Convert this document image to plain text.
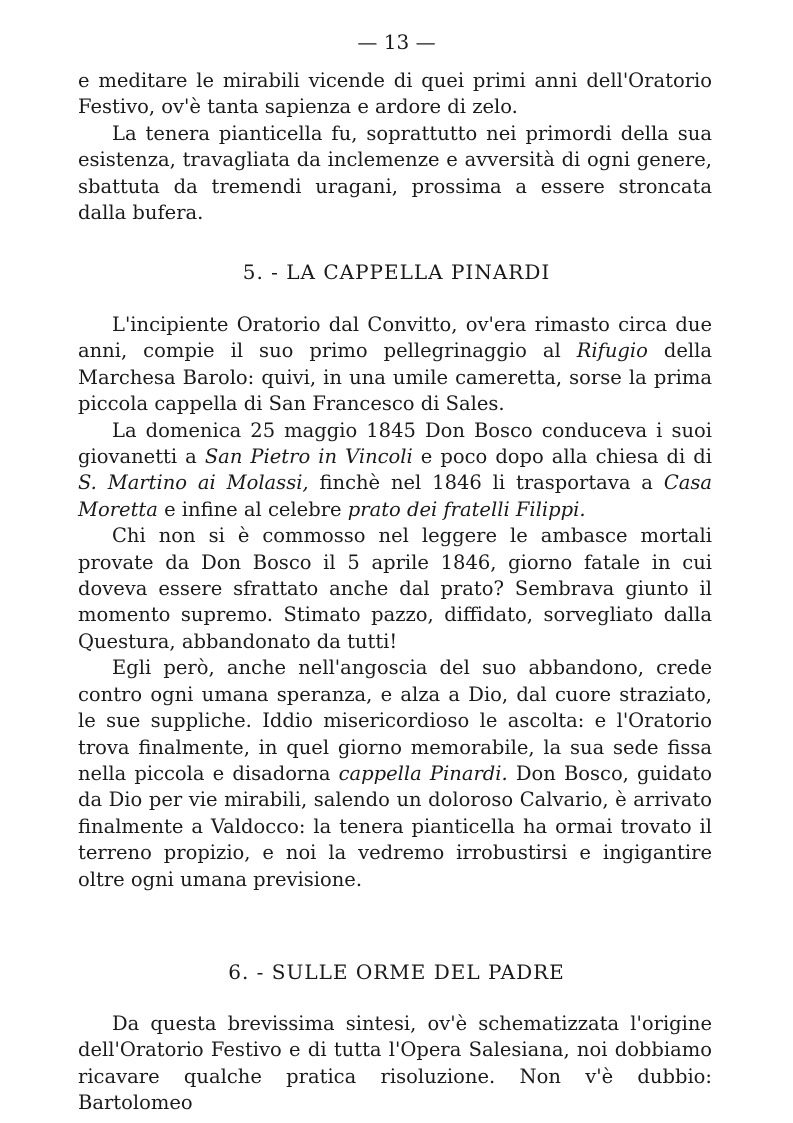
— 13 —

e meditare le mirabili vicende di quei primi anni dell'Oratorio Festivo, ov'è tanta sapienza e ardore di zelo.

La tenera pianticella fu, soprattutto nei primordi della sua esistenza, travagliata da inclemenze e avversità di ogni genere, sbattuta da tremendi uragani, prossima a essere stroncata dalla bufera.

5. - LA CAPPELLA PINARDI

L'incipiente Oratorio dal Convitto, ov'era rimasto circa due anni, compie il suo primo pellegrinaggio al Rifugio della Marchesa Barolo: quivi, in una umile cameretta, sorse la prima piccola cappella di San Francesco di Sales.

La domenica 25 maggio 1845 Don Bosco conduceva i suoi giovanetti a San Pietro in Vincoli e poco dopo alla chiesa di di S. Martino ai Molassi, finchè nel 1846 li trasportava a Casa Moretta e infine al celebre prato dei fratelli Filippi.

Chi non si è commosso nel leggere le ambasce mortali provate da Don Bosco il 5 aprile 1846, giorno fatale in cui doveva essere sfrattato anche dal prato? Sembrava giunto il momento supremo. Stimato pazzo, diffidato, sorvegliato dalla Questura, abbandonato da tutti!

Egli però, anche nell'angoscia del suo abbandono, crede contro ogni umana speranza, e alza a Dio, dal cuore straziato, le sue suppliche. Iddio misericordioso le ascolta: e l'Oratorio trova finalmente, in quel giorno memorabile, la sua sede fissa nella piccola e disadorna cappella Pinardi. Don Bosco, guidato da Dio per vie mirabili, salendo un doloroso Calvario, è arrivato finalmente a Valdocco: la tenera pianticella ha ormai trovato il terreno propizio, e noi la vedremo irrobustirsi e ingigantire oltre ogni umana previsione.

6. - SULLE ORME DEL PADRE

Da questa brevissima sintesi, ov'è schematizzata l'origine dell'Oratorio Festivo e di tutta l'Opera Salesiana, noi dobbiamo ricavare qualche pratica risoluzione. Non v'è dubbio: Bartolomeo
